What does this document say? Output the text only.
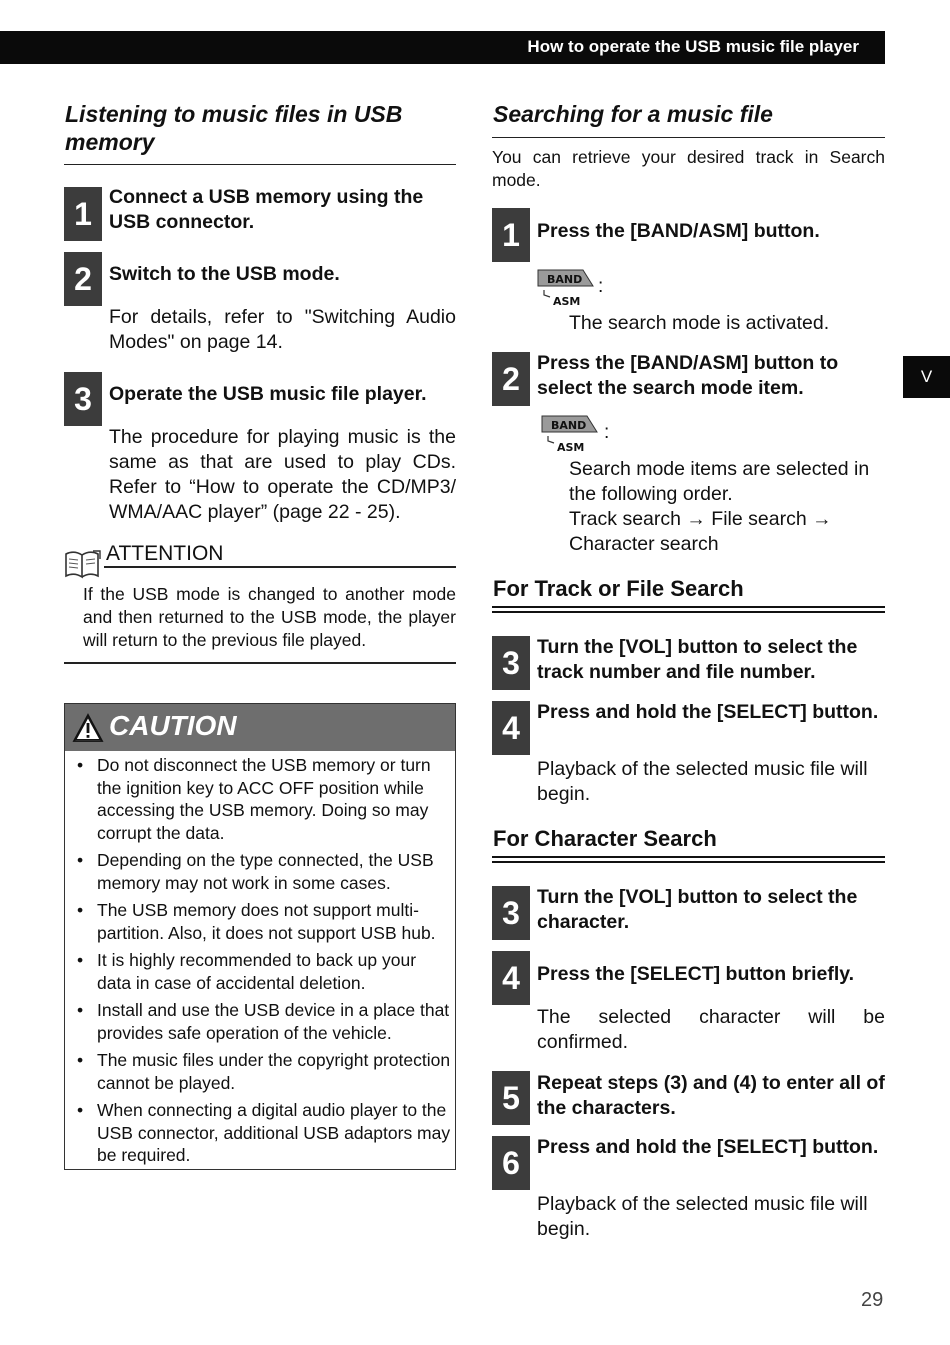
How to operate the USB music file player
V
Listening to music files in USB memory
1 Connect a USB memory using the USB connector.
2 Switch to the USB mode.
For details, refer to "Switching Audio Modes" on page 14.
3 Operate the USB music file player.
The procedure for playing music is the same as that are used to play CDs. Refer to “How to operate the CD/MP3/ WMA/AAC player” (page 22 - 25).
ATTENTION
If the USB mode is changed to another mode and then returned to the USB mode, the player will return to the previous file played.
CAUTION
• Do not disconnect the USB memory or turn the ignition key to ACC OFF position while accessing the USB memory. Doing so may corrupt the data.
• Depending on the type connected, the USB memory may not work in some cases.
• The USB memory does not support multi-partition. Also, it does not support USB hub.
• It is highly recommended to back up your data in case of accidental deletion.
• Install and use the USB device in a place that provides safe operation of the vehicle.
• The music files under the copyright protection cannot be played.
• When connecting a digital audio player to the USB connector, additional USB adaptors may be required.
Searching for a music file
You can retrieve your desired track in Search mode.
1 Press the [BAND/ASM] button.
BAND
ASM
:
The search mode is activated.
2 Press the [BAND/ASM] button to select the search mode item.
BAND
ASM
:
Search mode items are selected in the following order.
Track search → File search → Character search
For Track or File Search
3 Turn the [VOL] button to select the track number and file number.
4 Press and hold the [SELECT] button.
Playback of the selected music file will begin.
For Character Search
3 Turn the [VOL] button to select the character.
4 Press the [SELECT] button briefly.
The selected character will be confirmed.
5 Repeat steps (3) and (4) to enter all of the characters.
6 Press and hold the [SELECT] button.
Playback of the selected music file will begin.
29
